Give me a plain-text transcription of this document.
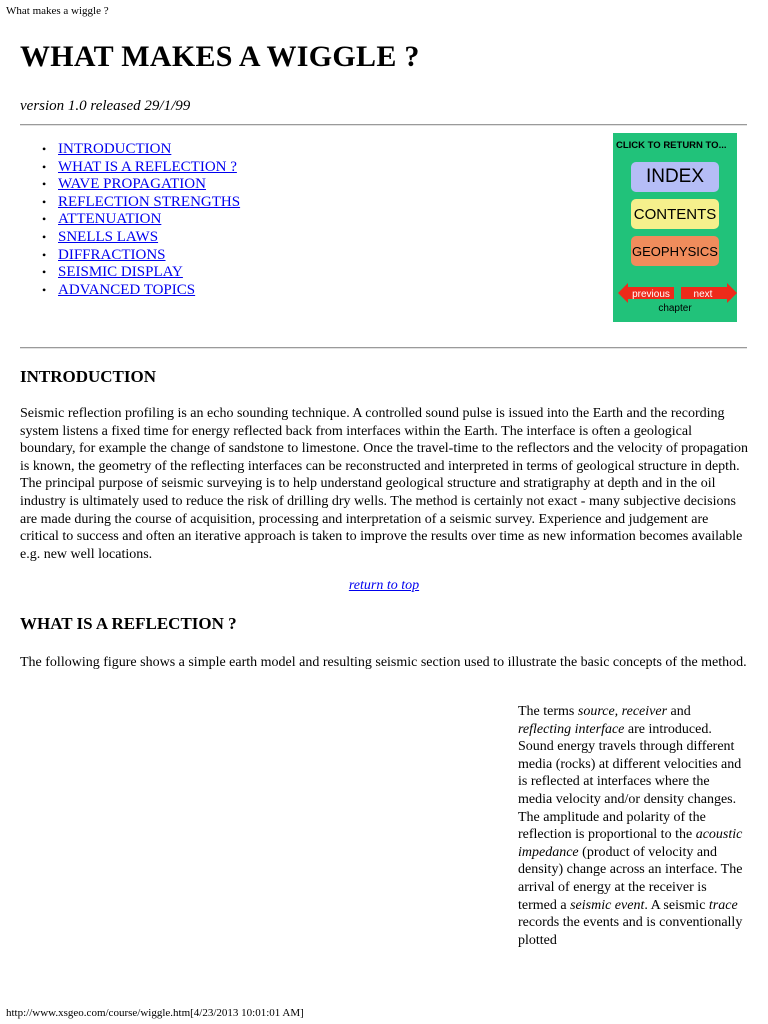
What makes a wiggle ?
WHAT MAKES A WIGGLE ?
version 1.0 released 29/1/99
• INTRODUCTION
• WHAT IS A REFLECTION ?
• WAVE PROPAGATION
• REFLECTION STRENGTHS
• ATTENUATION
• SNELLS LAWS
• DIFFRACTIONS
• SEISMIC DISPLAY
• ADVANCED TOPICS
CLICK TO RETURN TO...
INDEX
CONTENTS
GEOPHYSICS
previous next
chapter
INTRODUCTION

Seismic reflection profiling is an echo sounding technique. A controlled sound pulse is issued into the Earth and the recording system listens a fixed time for energy reflected back from interfaces within the Earth. The interface is often a geological boundary, for example the change of sandstone to limestone. Once the travel-time to the reflectors and the velocity of propagation is known, the geometry of the reflecting interfaces can be reconstructed and interpreted in terms of geological structure in depth. The principal purpose of seismic surveying is to help understand geological structure and stratigraphy at depth and in the oil industry is ultimately used to reduce the risk of drilling dry wells. The method is certainly not exact - many subjective decisions are made during the course of acquisition, processing and interpretation of a seismic survey. Experience and judgement are critical to success and often an iterative approach is taken to improve the results over time as new information becomes available e.g. new well locations.

return to top
WHAT IS A REFLECTION ?

The following figure shows a simple earth model and resulting seismic section used to illustrate the basic concepts of the method.

The terms source, receiver and reflecting interface are introduced. Sound energy travels through different media (rocks) at different velocities and is reflected at interfaces where the media velocity and/or density changes. The amplitude and polarity of the reflection is proportional to the acoustic impedance (product of velocity and density) change across an interface. The arrival of energy at the receiver is termed a seismic event. A seismic trace records the events and is conventionally plotted

http://www.xsgeo.com/course/wiggle.htm[4/23/2013 10:01:01 AM]
